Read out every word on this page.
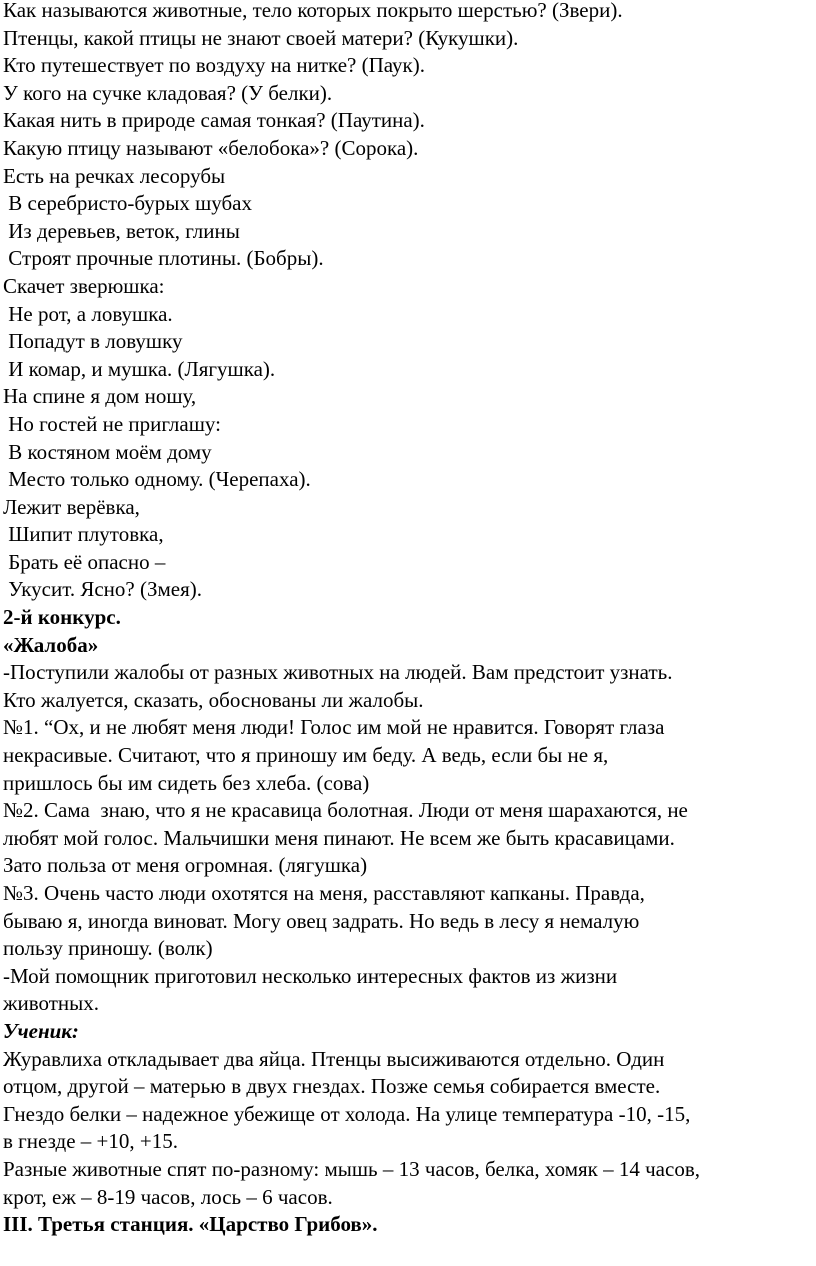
Как называются животные, тело которых покрыто шерстью? (Звери).

Птенцы, какой птицы не знают своей матери? (Кукушки).

Кто путешествует по воздуху на нитке? (Паук).

У кого на сучке кладовая? (У белки).

Какая нить в природе самая тонкая? (Паутина).

Какую птицу называют «белобока»? (Сорока).

Есть на речках лесорубы

В серебристо-бурых шубах

Из деревьев, веток, глины

Строят прочные плотины. (Бобры).

Скачет зверюшка:

Не рот, а ловушка.

Попадут в ловушку

И комар, и мушка. (Лягушка).

На спине я дом ношу,

Но гостей не приглашу:

В костяном моём дому

Место только одному. (Черепаха).

Лежит верёвка,

Шипит плутовка,

Брать её опасно –

Укусит. Ясно? (Змея).

2-й конкурс.

«Жалоба»

-Поступили жалобы от разных животных на людей. Вам предстоит узнать.

Кто жалуется, сказать, обоснованы ли жалобы.

№1. “Ох, и не любят меня люди! Голос им мой не нравится. Говорят глаза

некрасивые. Считают, что я приношу им беду. А ведь, если бы не я,

пришлось бы им сидеть без хлеба. (сова)

№2. Сама  знаю, что я не красавица болотная. Люди от меня шарахаются, не

любят мой голос. Мальчишки меня пинают. Не всем же быть красавицами.

Зато польза от меня огромная. (лягушка)

№3. Очень часто люди охотятся на меня, расставляют капканы. Правда,

бываю я, иногда виноват. Могу овец задрать. Но ведь в лесу я немалую

пользу приношу. (волк)

-Мой помощник приготовил несколько интересных фактов из жизни

животных.

Ученик:

Журавлиха откладывает два яйца. Птенцы высиживаются отдельно. Один

отцом, другой – матерью в двух гнездах. Позже семья собирается вместе.

Гнездо белки – надежное убежище от холода. На улице температура -10, -15,

в гнезде – +10, +15.

Разные животные спят по-разному: мышь – 13 часов, белка, хомяк – 14 часов,

крот, еж – 8-19 часов, лось – 6 часов.

III. Третья станция. «Царство Грибов».
